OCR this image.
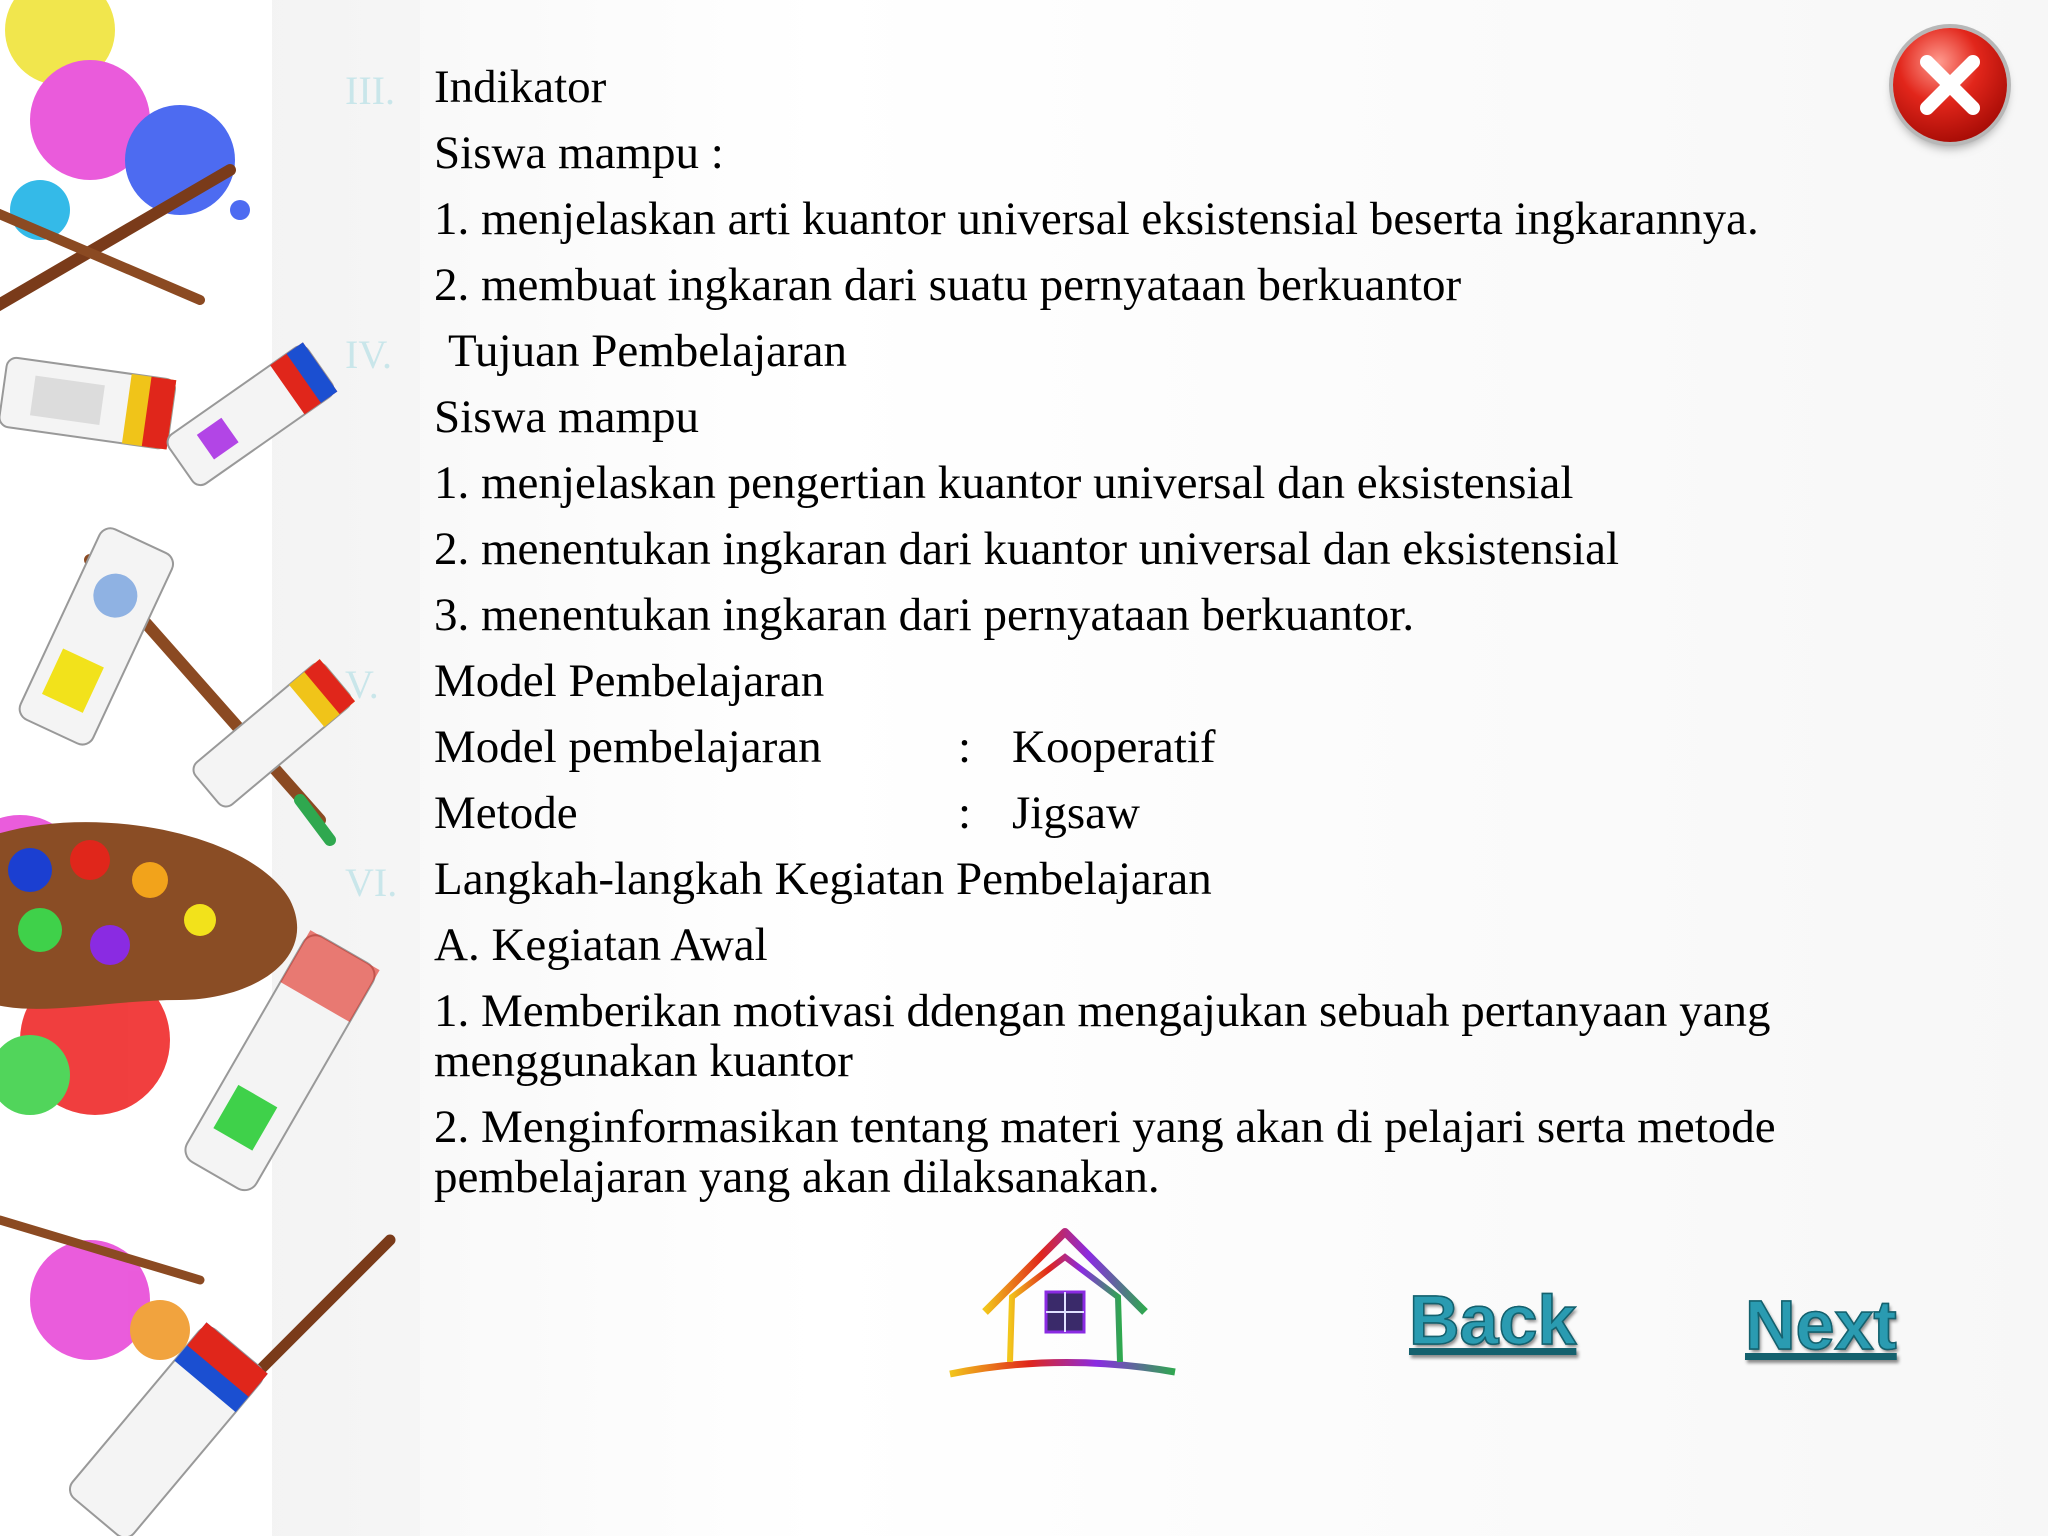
III. Indikator
Siswa mampu :
1. menjelaskan arti kuantor universal eksistensial beserta ingkarannya.
2. membuat ingkaran dari suatu pernyataan berkuantor
IV. Tujuan Pembelajaran
Siswa mampu
1. menjelaskan pengertian kuantor universal dan eksistensial
2. menentukan ingkaran dari kuantor universal dan eksistensial
3. menentukan ingkaran dari pernyataan berkuantor.
V. Model Pembelajaran
Model pembelajaran	: Kooperatif
Metode	: Jigsaw
VI. Langkah-langkah Kegiatan Pembelajaran
A. Kegiatan Awal
1. Memberikan motivasi ddengan mengajukan sebuah pertanyaan yang menggunakan kuantor
2. Menginformasikan tentang materi yang akan di pelajari serta metode pembelajaran yang akan dilaksanakan.
Back Next
